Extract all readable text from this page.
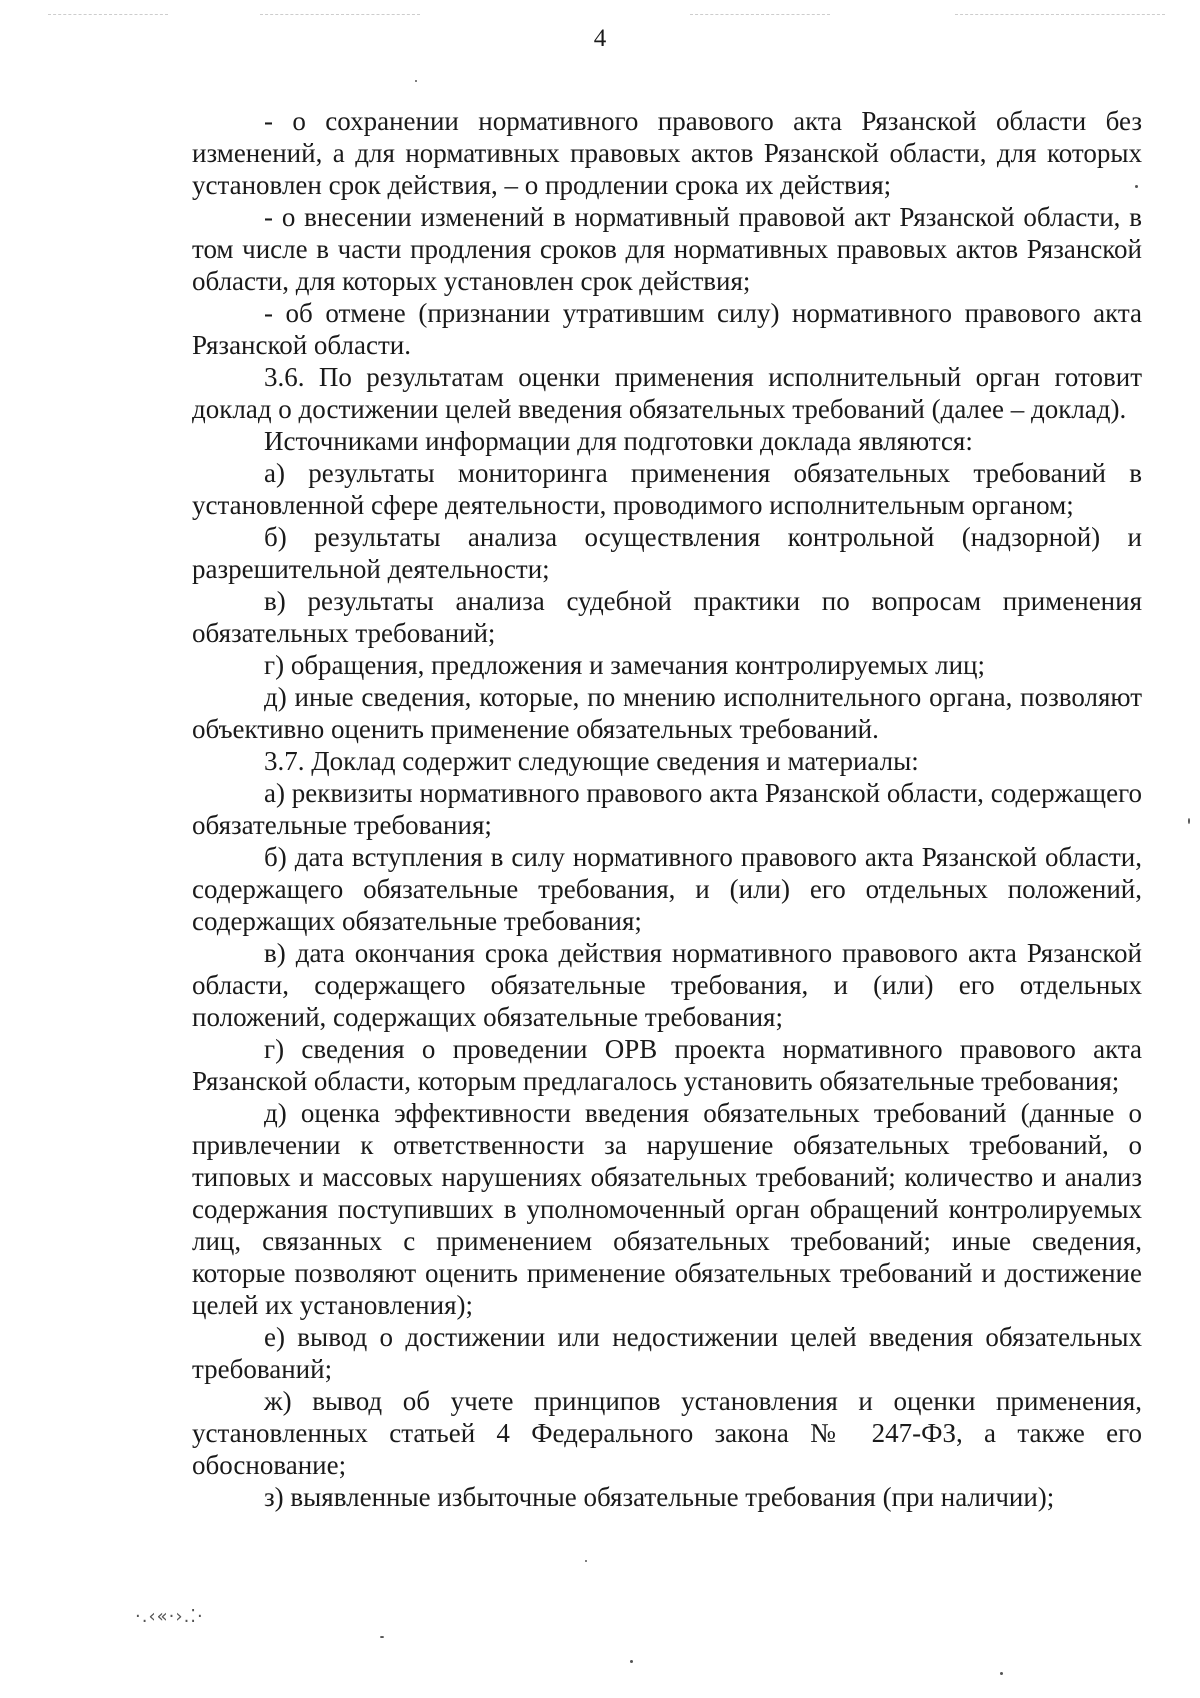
4

- о сохранении нормативного правового акта Рязанской области без изменений, а для нормативных правовых актов Рязанской области, для которых установлен срок действия, – о продлении срока их действия;

- о внесении изменений в нормативный правовой акт Рязанской области, в том числе в части продления сроков для нормативных правовых актов Рязанской области, для которых установлен срок действия;

- об отмене (признании утратившим силу) нормативного правового акта Рязанской области.

3.6. По результатам оценки применения исполнительный орган готовит доклад о достижении целей введения обязательных требований (далее – доклад).

Источниками информации для подготовки доклада являются:

а) результаты мониторинга применения обязательных требований в установленной сфере деятельности, проводимого исполнительным органом;

б) результаты анализа осуществления контрольной (надзорной) и разрешительной деятельности;

в) результаты анализа судебной практики по вопросам применения обязательных требований;

г) обращения, предложения и замечания контролируемых лиц;

д) иные сведения, которые, по мнению исполнительного органа, позволяют объективно оценить применение обязательных требований.

3.7. Доклад содержит следующие сведения и материалы:

а) реквизиты нормативного правового акта Рязанской области, содержащего обязательные требования;

б) дата вступления в силу нормативного правового акта Рязанской области, содержащего обязательные требования, и (или) его отдельных положений, содержащих обязательные требования;

в) дата окончания срока действия нормативного правового акта Рязанской области, содержащего обязательные требования, и (или) его отдельных положений, содержащих обязательные требования;

г) сведения о проведении ОРВ проекта нормативного правового акта Рязанской области, которым предлагалось установить обязательные требования;

д) оценка эффективности введения обязательных требований (данные о привлечении к ответственности за нарушение обязательных требований, о типовых и массовых нарушениях обязательных требований; количество и анализ содержания поступивших в уполномоченный орган обращений контролируемых лиц, связанных с применением обязательных требований; иные сведения, которые позволяют оценить применение обязательных требований и достижение целей их установления);

е) вывод о достижении или недостижении целей введения обязательных требований;

ж) вывод об учете принципов установления и оценки применения, установленных статьей 4 Федерального закона № 247-ФЗ, а также его обоснование;

з) выявленные избыточные обязательные требования (при наличии);

·.‹«·›.⁚·
